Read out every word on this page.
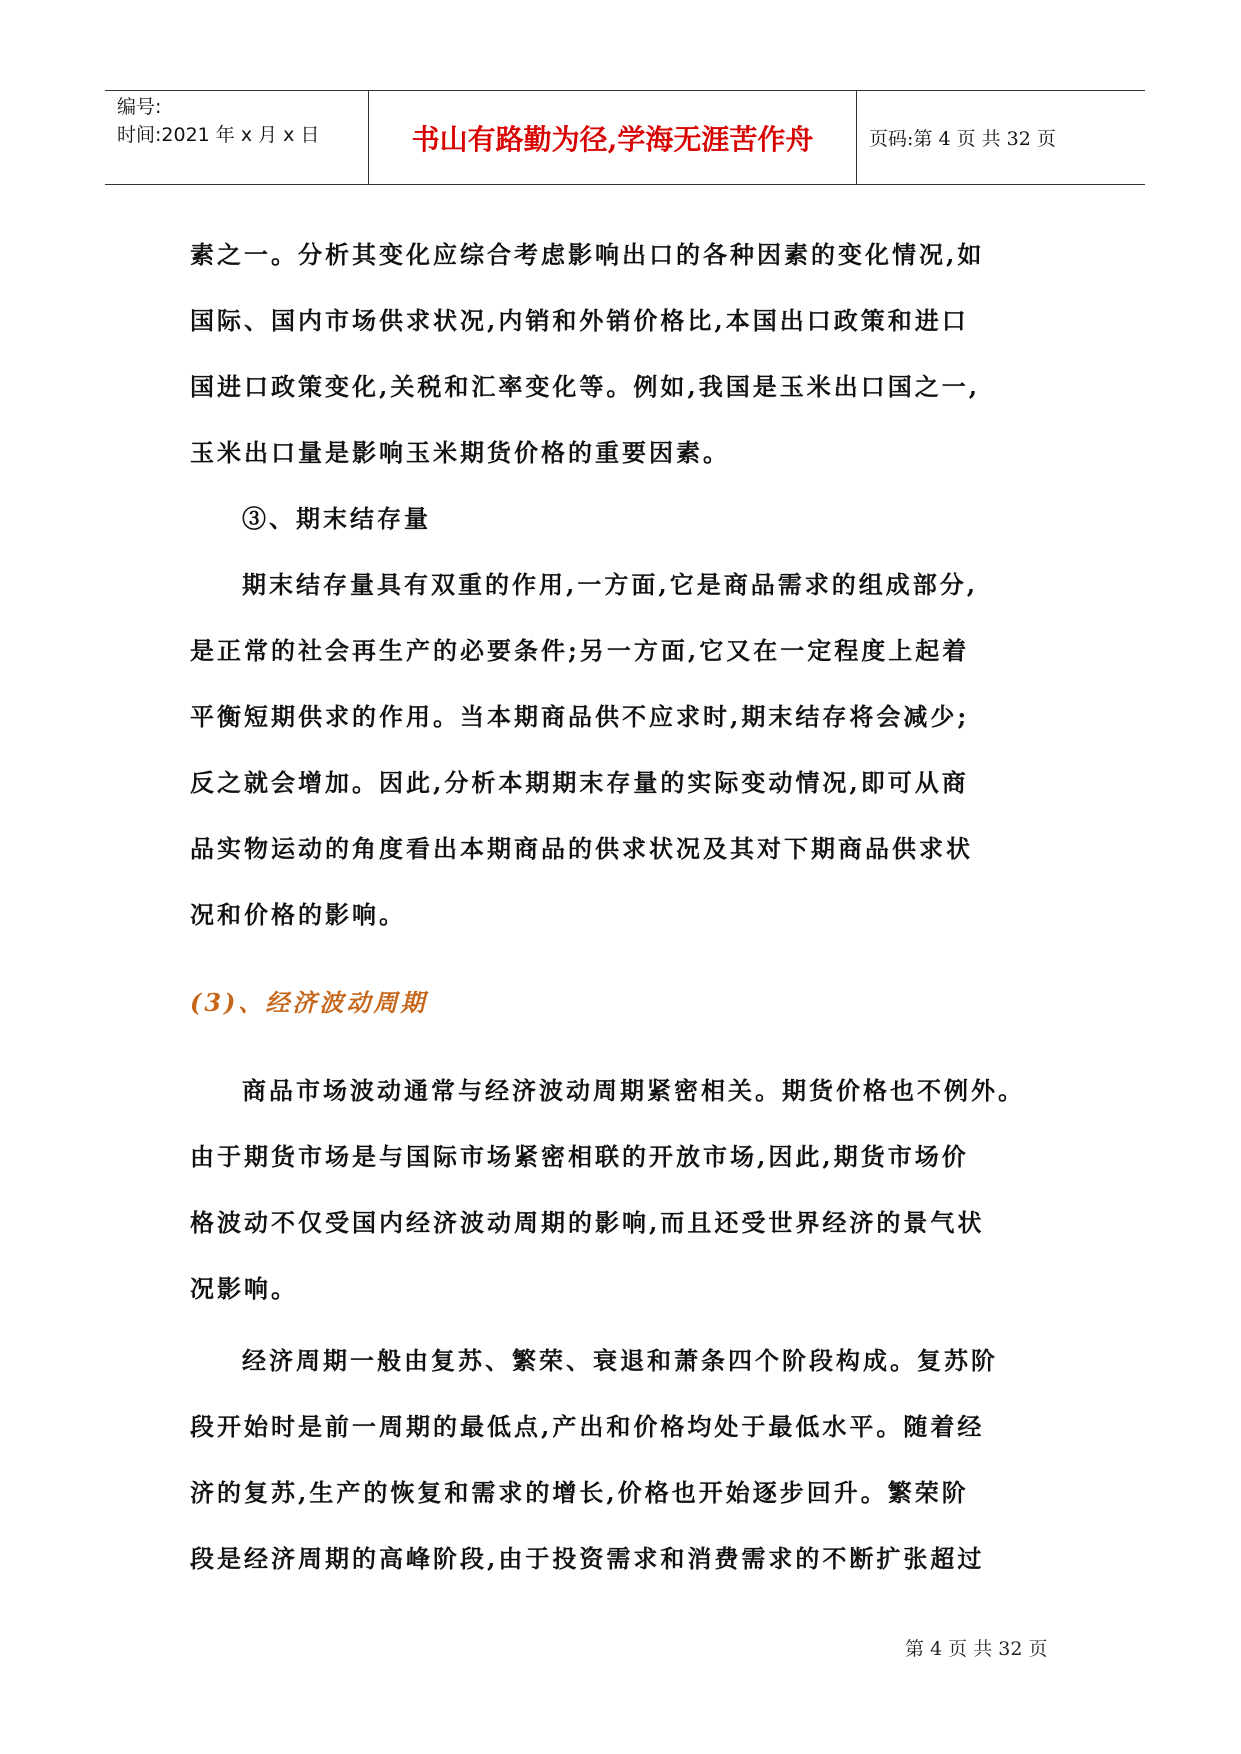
编号:
时间:2021 年 x 月 x 日	书山有路勤为径,学海无涯苦作舟	页码:第 4 页 共 32 页

素之一。分析其变化应综合考虑影响出口的各种因素的变化情况,如

国际、国内市场供求状况,内销和外销价格比,本国出口政策和进口

国进口政策变化,关税和汇率变化等。例如,我国是玉米出口国之一,

玉米出口量是影响玉米期货价格的重要因素。

③、期末结存量

期末结存量具有双重的作用,一方面,它是商品需求的组成部分,

是正常的社会再生产的必要条件;另一方面,它又在一定程度上起着

平衡短期供求的作用。当本期商品供不应求时,期末结存将会减少;

反之就会增加。因此,分析本期期末存量的实际变动情况,即可从商

品实物运动的角度看出本期商品的供求状况及其对下期商品供求状

况和价格的影响。

(3)、经济波动周期

商品市场波动通常与经济波动周期紧密相关。期货价格也不例外。

由于期货市场是与国际市场紧密相联的开放市场,因此,期货市场价

格波动不仅受国内经济波动周期的影响,而且还受世界经济的景气状

况影响。

经济周期一般由复苏、繁荣、衰退和萧条四个阶段构成。复苏阶

段开始时是前一周期的最低点,产出和价格均处于最低水平。随着经

济的复苏,生产的恢复和需求的增长,价格也开始逐步回升。繁荣阶

段是经济周期的高峰阶段,由于投资需求和消费需求的不断扩张超过

第 4 页 共 32 页
